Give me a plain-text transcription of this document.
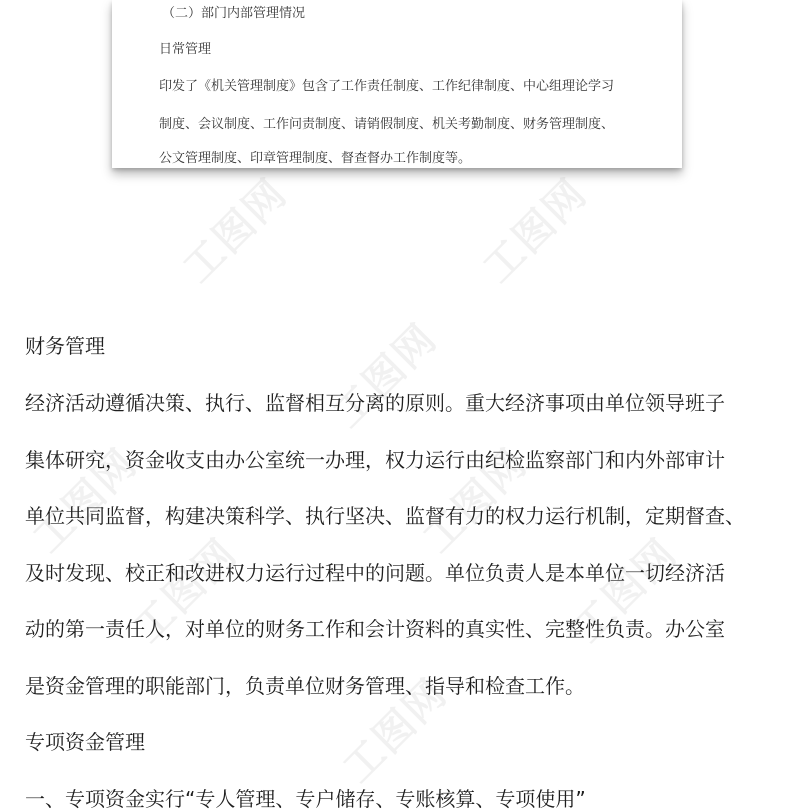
工图网	工图网
工图网
工图网	工图网
工图网	工图网
工图网
（二）部门内部管理情况
日常管理
印发了《机关管理制度》包含了工作责任制度、工作纪律制度、中心组理论学习
制度、会议制度、工作问责制度、请销假制度、机关考勤制度、财务管理制度、
公文管理制度、印章管理制度、督查督办工作制度等。
财务管理
经济活动遵循决策、执行、监督相互分离的原则。重大经济事项由单位领导班子
集体研究，资金收支由办公室统一办理，权力运行由纪检监察部门和内外部审计
单位共同监督，构建决策科学、执行坚决、监督有力的权力运行机制，定期督查、
及时发现、校正和改进权力运行过程中的问题。单位负责人是本单位一切经济活
动的第一责任人，对单位的财务工作和会计资料的真实性、完整性负责。办公室
是资金管理的职能部门，负责单位财务管理、指导和检查工作。
专项资金管理
一、专项资金实行“专人管理、专户储存、专账核算、专项使用”
